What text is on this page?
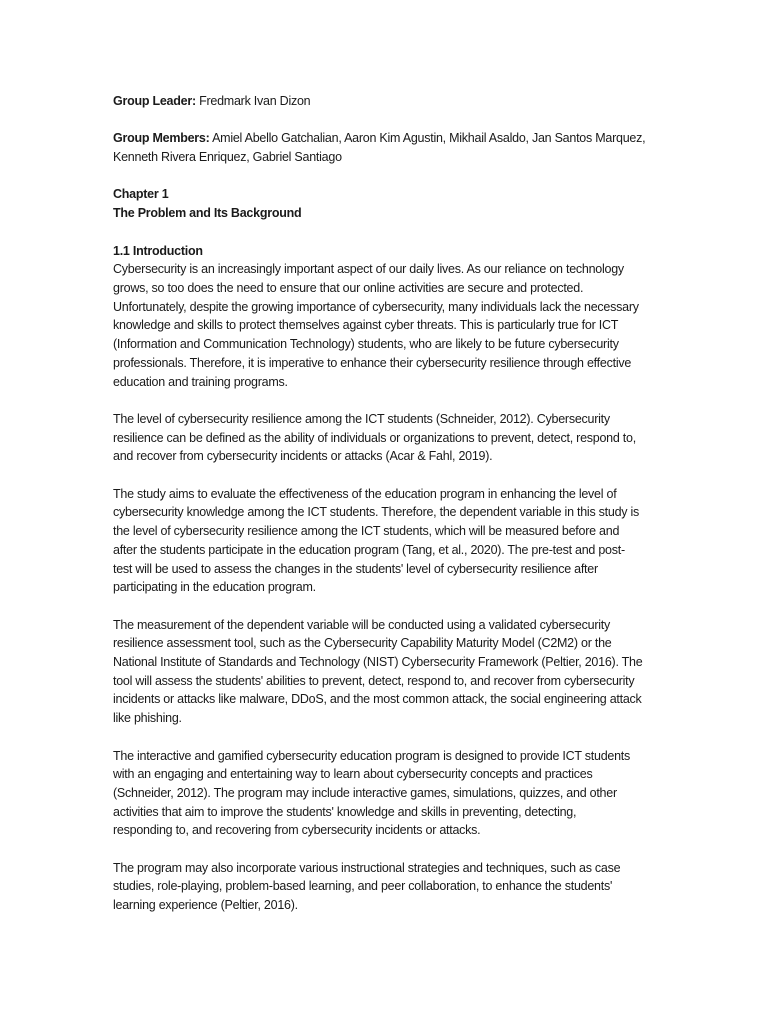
Group Leader: Fredmark Ivan Dizon

Group Members: Amiel Abello Gatchalian, Aaron Kim Agustin, Mikhail Asaldo, Jan Santos Marquez,

Kenneth Rivera Enriquez, Gabriel Santiago

Chapter 1

The Problem and Its Background

1.1 Introduction

Cybersecurity is an increasingly important aspect of our daily lives. As our reliance on technology

grows, so too does the need to ensure that our online activities are secure and protected.

Unfortunately, despite the growing importance of cybersecurity, many individuals lack the necessary

knowledge and skills to protect themselves against cyber threats. This is particularly true for ICT

(Information and Communication Technology) students, who are likely to be future cybersecurity

professionals. Therefore, it is imperative to enhance their cybersecurity resilience through effective

education and training programs.

The level of cybersecurity resilience among the ICT students (Schneider, 2012). Cybersecurity

resilience can be defined as the ability of individuals or organizations to prevent, detect, respond to,

and recover from cybersecurity incidents or attacks (Acar & Fahl, 2019).

The study aims to evaluate the effectiveness of the education program in enhancing the level of

cybersecurity knowledge among the ICT students. Therefore, the dependent variable in this study is

the level of cybersecurity resilience among the ICT students, which will be measured before and

after the students participate in the education program (Tang, et al., 2020). The pre-test and post-

test will be used to assess the changes in the students' level of cybersecurity resilience after

participating in the education program.

The measurement of the dependent variable will be conducted using a validated cybersecurity

resilience assessment tool, such as the Cybersecurity Capability Maturity Model (C2M2) or the

National Institute of Standards and Technology (NIST) Cybersecurity Framework (Peltier, 2016). The

tool will assess the students' abilities to prevent, detect, respond to, and recover from cybersecurity

incidents or attacks like malware, DDoS, and the most common attack, the social engineering attack

like phishing.

The interactive and gamified cybersecurity education program is designed to provide ICT students

with an engaging and entertaining way to learn about cybersecurity concepts and practices

(Schneider, 2012). The program may include interactive games, simulations, quizzes, and other

activities that aim to improve the students' knowledge and skills in preventing, detecting,

responding to, and recovering from cybersecurity incidents or attacks.

The program may also incorporate various instructional strategies and techniques, such as case

studies, role-playing, problem-based learning, and peer collaboration, to enhance the students'

learning experience (Peltier, 2016).
